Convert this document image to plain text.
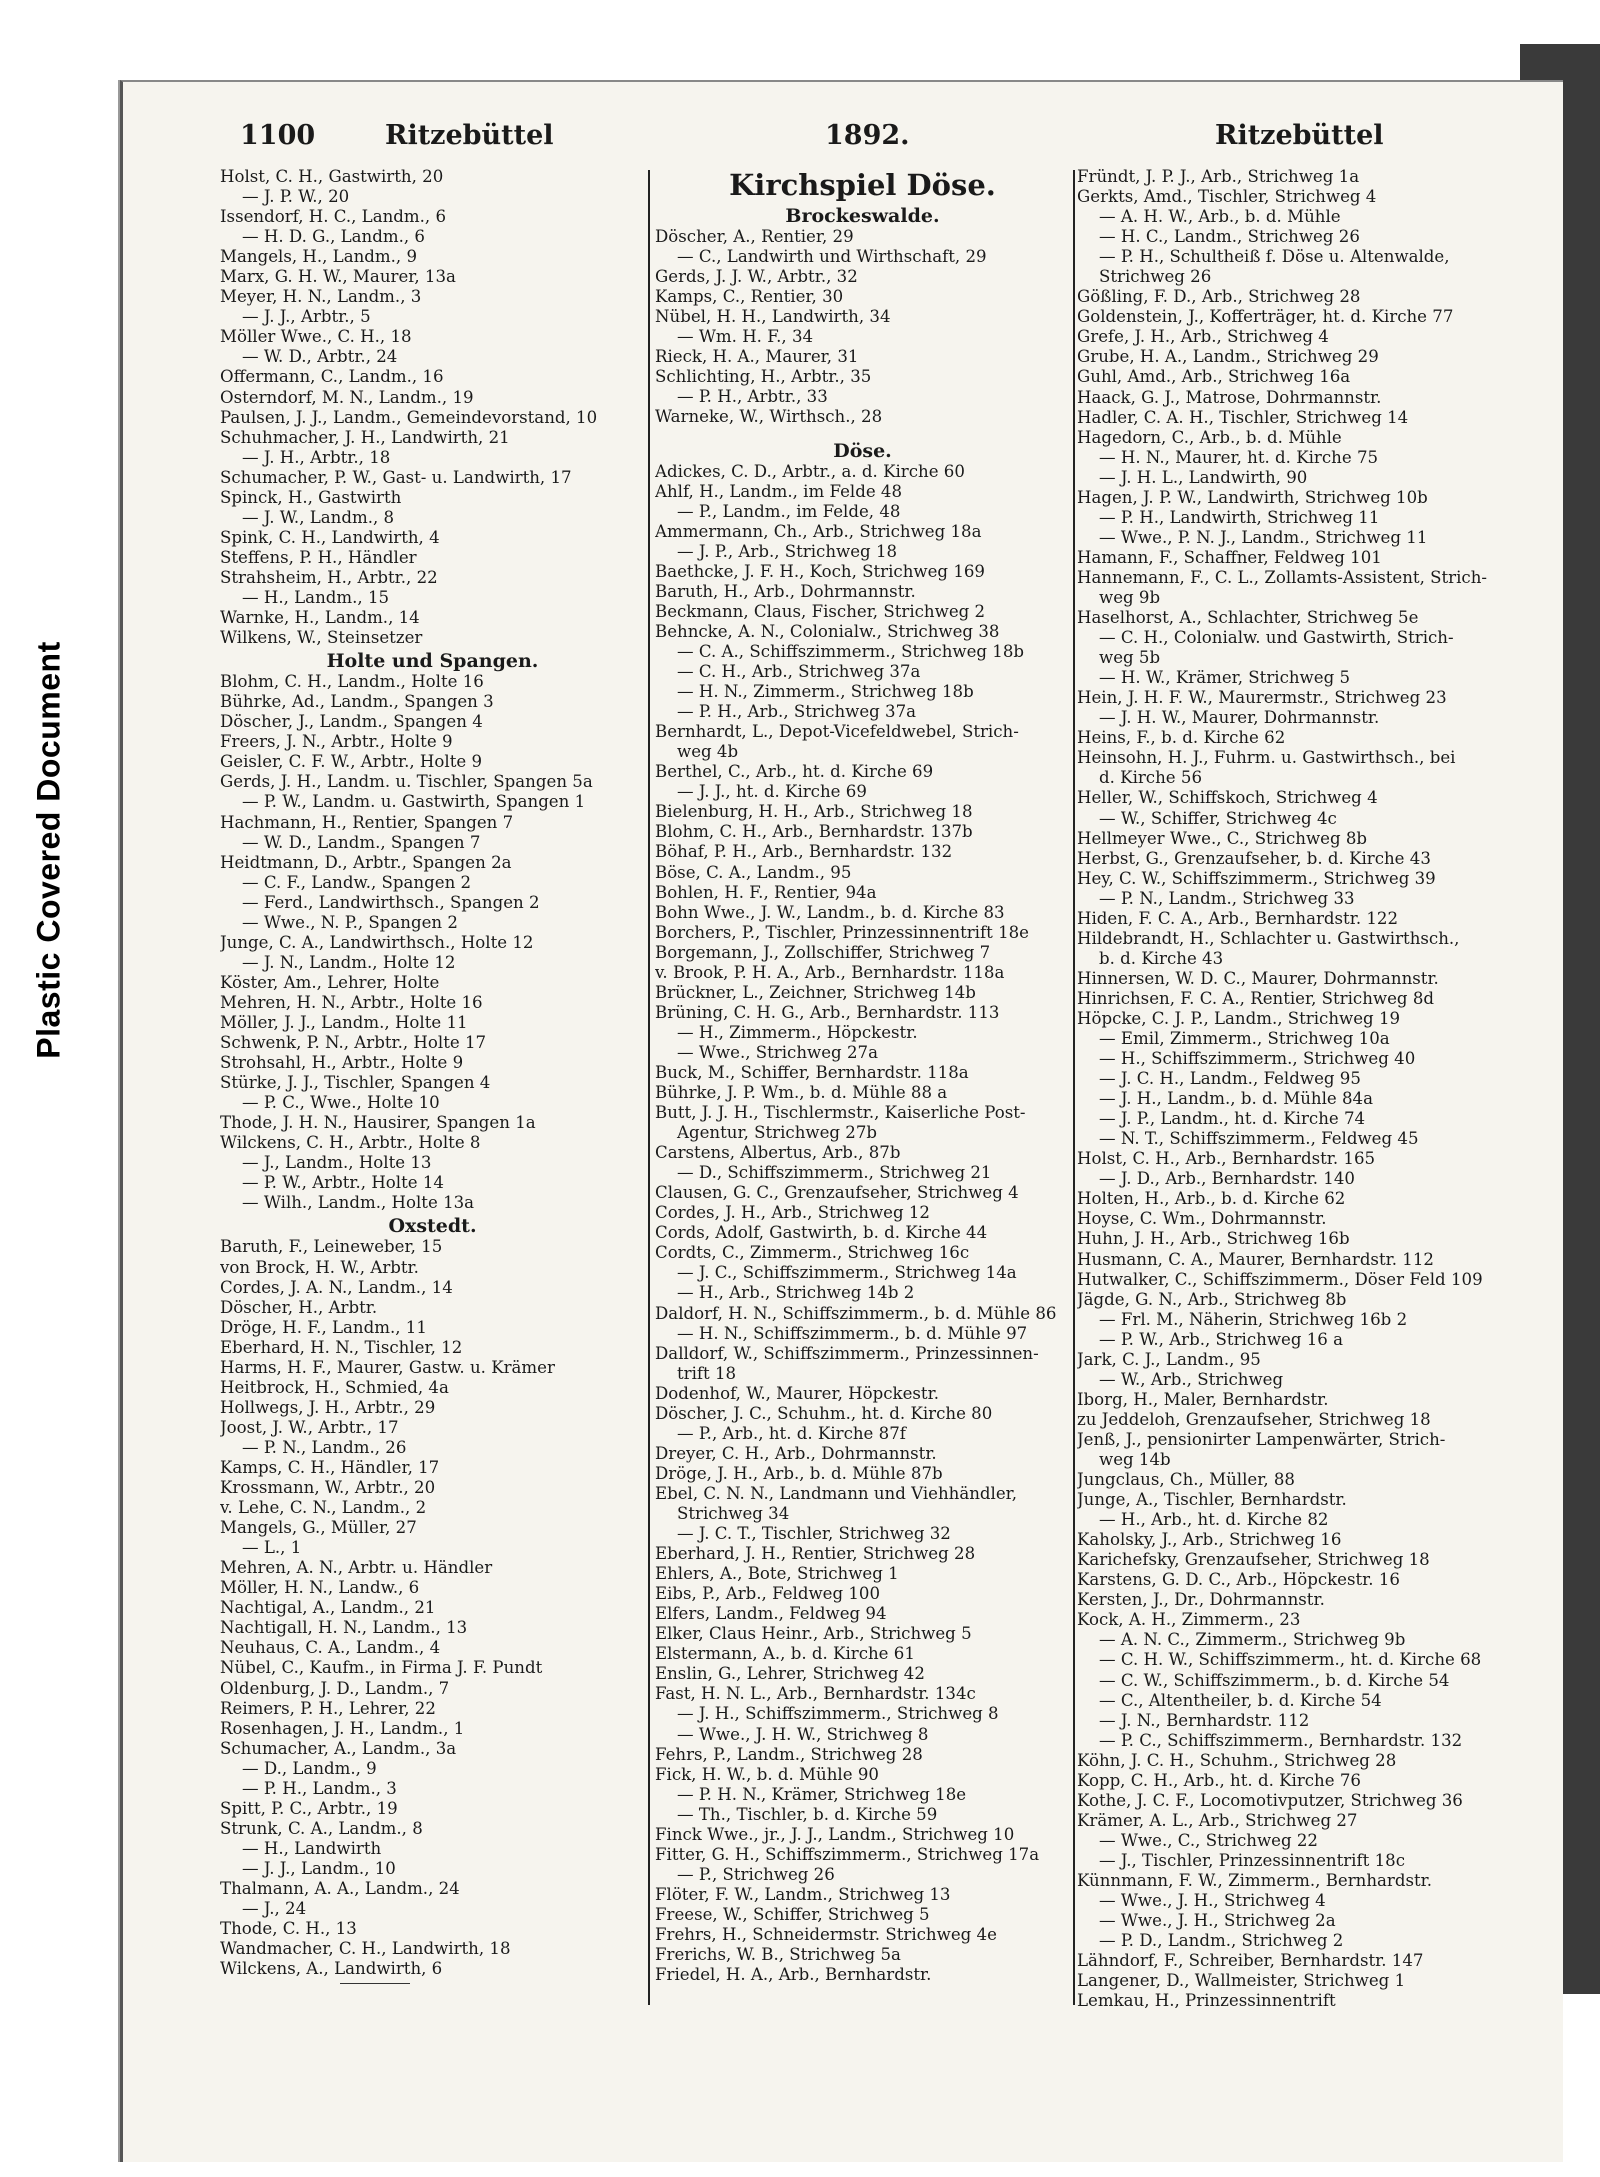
Plastic Covered Document
1100	Ritzebüttel	1892.	Ritzebüttel
Holst, C. H., Gastwirth, 20
— J. P. W., 20
Issendorf, H. C., Landm., 6
— H. D. G., Landm., 6
Mangels, H., Landm., 9
Marx, G. H. W., Maurer, 13a
Meyer, H. N., Landm., 3
— J. J., Arbtr., 5
Möller Wwe., C. H., 18
— W. D., Arbtr., 24
Offermann, C., Landm., 16
Osterndorf, M. N., Landm., 19
Paulsen, J. J., Landm., Gemeindevorstand, 10
Schuhmacher, J. H., Landwirth, 21
— J. H., Arbtr., 18
Schumacher, P. W., Gast- u. Landwirth, 17
Spinck, H., Gastwirth
— J. W., Landm., 8
Spink, C. H., Landwirth, 4
Steffens, P. H., Händler
Strahsheim, H., Arbtr., 22
— H., Landm., 15
Warnke, H., Landm., 14
Wilkens, W., Steinsetzer
Holte und Spangen.
Blohm, C. H., Landm., Holte 16
Bührke, Ad., Landm., Spangen 3
Döscher, J., Landm., Spangen 4
Freers, J. N., Arbtr., Holte 9
Geisler, C. F. W., Arbtr., Holte 9
Gerds, J. H., Landm. u. Tischler, Spangen 5a
— P. W., Landm. u. Gastwirth, Spangen 1
Hachmann, H., Rentier, Spangen 7
— W. D., Landm., Spangen 7
Heidtmann, D., Arbtr., Spangen 2a
— C. F., Landw., Spangen 2
— Ferd., Landwirthsch., Spangen 2
— Wwe., N. P., Spangen 2
Junge, C. A., Landwirthsch., Holte 12
— J. N., Landm., Holte 12
Köster, Am., Lehrer, Holte
Mehren, H. N., Arbtr., Holte 16
Möller, J. J., Landm., Holte 11
Schwenk, P. N., Arbtr., Holte 17
Strohsahl, H., Arbtr., Holte 9
Stürke, J. J., Tischler, Spangen 4
— P. C., Wwe., Holte 10
Thode, J. H. N., Hausirer, Spangen 1a
Wilckens, C. H., Arbtr., Holte 8
— J., Landm., Holte 13
— P. W., Arbtr., Holte 14
— Wilh., Landm., Holte 13a
Oxstedt.
Baruth, F., Leineweber, 15
von Brock, H. W., Arbtr.
Cordes, J. A. N., Landm., 14
Döscher, H., Arbtr.
Dröge, H. F., Landm., 11
Eberhard, H. N., Tischler, 12
Harms, H. F., Maurer, Gastw. u. Krämer
Heitbrock, H., Schmied, 4a
Hollwegs, J. H., Arbtr., 29
Joost, J. W., Arbtr., 17
— P. N., Landm., 26
Kamps, C. H., Händler, 17
Krossmann, W., Arbtr., 20
v. Lehe, C. N., Landm., 2
Mangels, G., Müller, 27
— L., 1
Mehren, A. N., Arbtr. u. Händler
Möller, H. N., Landw., 6
Nachtigal, A., Landm., 21
Nachtigall, H. N., Landm., 13
Neuhaus, C. A., Landm., 4
Nübel, C., Kaufm., in Firma J. F. Pundt
Oldenburg, J. D., Landm., 7
Reimers, P. H., Lehrer, 22
Rosenhagen, J. H., Landm., 1
Schumacher, A., Landm., 3a
— D., Landm., 9
— P. H., Landm., 3
Spitt, P. C., Arbtr., 19
Strunk, C. A., Landm., 8
— H., Landwirth
— J. J., Landm., 10
Thalmann, A. A., Landm., 24
— J., 24
Thode, C. H., 13
Wandmacher, C. H., Landwirth, 18
Wilckens, A., Landwirth, 6
Kirchspiel Döse.
Brockeswalde.
Döscher, A., Rentier, 29
— C., Landwirth und Wirthschaft, 29
Gerds, J. J. W., Arbtr., 32
Kamps, C., Rentier, 30
Nübel, H. H., Landwirth, 34
— Wm. H. F., 34
Rieck, H. A., Maurer, 31
Schlichting, H., Arbtr., 35
— P. H., Arbtr., 33
Warneke, W., Wirthsch., 28
Döse.
Adickes, C. D., Arbtr., a. d. Kirche 60
Ahlf, H., Landm., im Felde 48
— P., Landm., im Felde, 48
Ammermann, Ch., Arb., Strichweg 18a
— J. P., Arb., Strichweg 18
Baethcke, J. F. H., Koch, Strichweg 169
Baruth, H., Arb., Dohrmannstr.
Beckmann, Claus, Fischer, Strichweg 2
Behncke, A. N., Colonialw., Strichweg 38
— C. A., Schiffszimmerm., Strichweg 18b
— C. H., Arb., Strichweg 37a
— H. N., Zimmerm., Strichweg 18b
— P. H., Arb., Strichweg 37a
Bernhardt, L., Depot-Vicefeldwebel, Strich-
weg 4b
Berthel, C., Arb., ht. d. Kirche 69
— J. J., ht. d. Kirche 69
Bielenburg, H. H., Arb., Strichweg 18
Blohm, C. H., Arb., Bernhardstr. 137b
Böhaf, P. H., Arb., Bernhardstr. 132
Böse, C. A., Landm., 95
Bohlen, H. F., Rentier, 94a
Bohn Wwe., J. W., Landm., b. d. Kirche 83
Borchers, P., Tischler, Prinzessinnentrift 18e
Borgemann, J., Zollschiffer, Strichweg 7
v. Brook, P. H. A., Arb., Bernhardstr. 118a
Brückner, L., Zeichner, Strichweg 14b
Brüning, C. H. G., Arb., Bernhardstr. 113
— H., Zimmerm., Höpckestr.
— Wwe., Strichweg 27a
Buck, M., Schiffer, Bernhardstr. 118a
Bührke, J. P. Wm., b. d. Mühle 88 a
Butt, J. J. H., Tischlermstr., Kaiserliche Post-
Agentur, Strichweg 27b
Carstens, Albertus, Arb., 87b
— D., Schiffszimmerm., Strichweg 21
Clausen, G. C., Grenzaufseher, Strichweg 4
Cordes, J. H., Arb., Strichweg 12
Cords, Adolf, Gastwirth, b. d. Kirche 44
Cordts, C., Zimmerm., Strichweg 16c
— J. C., Schiffszimmerm., Strichweg 14a
— H., Arb., Strichweg 14b 2
Daldorf, H. N., Schiffszimmerm., b. d. Mühle 86
— H. N., Schiffszimmerm., b. d. Mühle 97
Dalldorf, W., Schiffszimmerm., Prinzessinnen-
trift 18
Dodenhof, W., Maurer, Höpckestr.
Döscher, J. C., Schuhm., ht. d. Kirche 80
— P., Arb., ht. d. Kirche 87f
Dreyer, C. H., Arb., Dohrmannstr.
Dröge, J. H., Arb., b. d. Mühle 87b
Ebel, C. N. N., Landmann und Viehhändler,
Strichweg 34
— J. C. T., Tischler, Strichweg 32
Eberhard, J. H., Rentier, Strichweg 28
Ehlers, A., Bote, Strichweg 1
Eibs, P., Arb., Feldweg 100
Elfers, Landm., Feldweg 94
Elker, Claus Heinr., Arb., Strichweg 5
Elstermann, A., b. d. Kirche 61
Enslin, G., Lehrer, Strichweg 42
Fast, H. N. L., Arb., Bernhardstr. 134c
— J. H., Schiffszimmerm., Strichweg 8
— Wwe., J. H. W., Strichweg 8
Fehrs, P., Landm., Strichweg 28
Fick, H. W., b. d. Mühle 90
— P. H. N., Krämer, Strichweg 18e
— Th., Tischler, b. d. Kirche 59
Finck Wwe., jr., J. J., Landm., Strichweg 10
Fitter, G. H., Schiffszimmerm., Strichweg 17a
— P., Strichweg 26
Flöter, F. W., Landm., Strichweg 13
Freese, W., Schiffer, Strichweg 5
Frehrs, H., Schneidermstr. Strichweg 4e
Frerichs, W. B., Strichweg 5a
Friedel, H. A., Arb., Bernhardstr.
Fründt, J. P. J., Arb., Strichweg 1a
Gerkts, Amd., Tischler, Strichweg 4
— A. H. W., Arb., b. d. Mühle
— H. C., Landm., Strichweg 26
— P. H., Schultheiß f. Döse u. Altenwalde,
Strichweg 26
Gößling, F. D., Arb., Strichweg 28
Goldenstein, J., Kofferträger, ht. d. Kirche 77
Grefe, J. H., Arb., Strichweg 4
Grube, H. A., Landm., Strichweg 29
Guhl, Amd., Arb., Strichweg 16a
Haack, G. J., Matrose, Dohrmannstr.
Hadler, C. A. H., Tischler, Strichweg 14
Hagedorn, C., Arb., b. d. Mühle
— H. N., Maurer, ht. d. Kirche 75
— J. H. L., Landwirth, 90
Hagen, J. P. W., Landwirth, Strichweg 10b
— P. H., Landwirth, Strichweg 11
— Wwe., P. N. J., Landm., Strichweg 11
Hamann, F., Schaffner, Feldweg 101
Hannemann, F., C. L., Zollamts-Assistent, Strich-
weg 9b
Haselhorst, A., Schlachter, Strichweg 5e
— C. H., Colonialw. und Gastwirth, Strich-
weg 5b
— H. W., Krämer, Strichweg 5
Hein, J. H. F. W., Maurermstr., Strichweg 23
— J. H. W., Maurer, Dohrmannstr.
Heins, F., b. d. Kirche 62
Heinsohn, H. J., Fuhrm. u. Gastwirthsch., bei
d. Kirche 56
Heller, W., Schiffskoch, Strichweg 4
— W., Schiffer, Strichweg 4c
Hellmeyer Wwe., C., Strichweg 8b
Herbst, G., Grenzaufseher, b. d. Kirche 43
Hey, C. W., Schiffszimmerm., Strichweg 39
— P. N., Landm., Strichweg 33
Hiden, F. C. A., Arb., Bernhardstr. 122
Hildebrandt, H., Schlachter u. Gastwirthsch.,
b. d. Kirche 43
Hinnersen, W. D. C., Maurer, Dohrmannstr.
Hinrichsen, F. C. A., Rentier, Strichweg 8d
Höpcke, C. J. P., Landm., Strichweg 19
— Emil, Zimmerm., Strichweg 10a
— H., Schiffszimmerm., Strichweg 40
— J. C. H., Landm., Feldweg 95
— J. H., Landm., b. d. Mühle 84a
— J. P., Landm., ht. d. Kirche 74
— N. T., Schiffszimmerm., Feldweg 45
Holst, C. H., Arb., Bernhardstr. 165
— J. D., Arb., Bernhardstr. 140
Holten, H., Arb., b. d. Kirche 62
Hoyse, C. Wm., Dohrmannstr.
Huhn, J. H., Arb., Strichweg 16b
Husmann, C. A., Maurer, Bernhardstr. 112
Hutwalker, C., Schiffszimmerm., Döser Feld 109
Jägde, G. N., Arb., Strichweg 8b
— Frl. M., Näherin, Strichweg 16b 2
— P. W., Arb., Strichweg 16 a
Jark, C. J., Landm., 95
— W., Arb., Strichweg
Iborg, H., Maler, Bernhardstr.
zu Jeddeloh, Grenzaufseher, Strichweg 18
Jenß, J., pensionirter Lampenwärter, Strich-
weg 14b
Jungclaus, Ch., Müller, 88
Junge, A., Tischler, Bernhardstr.
— H., Arb., ht. d. Kirche 82
Kaholsky, J., Arb., Strichweg 16
Karichefsky, Grenzaufseher, Strichweg 18
Karstens, G. D. C., Arb., Höpckestr. 16
Kersten, J., Dr., Dohrmannstr.
Kock, A. H., Zimmerm., 23
— A. N. C., Zimmerm., Strichweg 9b
— C. H. W., Schiffszimmerm., ht. d. Kirche 68
— C. W., Schiffszimmerm., b. d. Kirche 54
— C., Altentheiler, b. d. Kirche 54
— J. N., Bernhardstr. 112
— P. C., Schiffszimmerm., Bernhardstr. 132
Köhn, J. C. H., Schuhm., Strichweg 28
Kopp, C. H., Arb., ht. d. Kirche 76
Kothe, J. C. F., Locomotivputzer, Strichweg 36
Krämer, A. L., Arb., Strichweg 27
— Wwe., C., Strichweg 22
— J., Tischler, Prinzessinnentrift 18c
Künnmann, F. W., Zimmerm., Bernhardstr.
— Wwe., J. H., Strichweg 4
— Wwe., J. H., Strichweg 2a
— P. D., Landm., Strichweg 2
Lähndorf, F., Schreiber, Bernhardstr. 147
Langener, D., Wallmeister, Strichweg 1
Lemkau, H., Prinzessinnentrift
